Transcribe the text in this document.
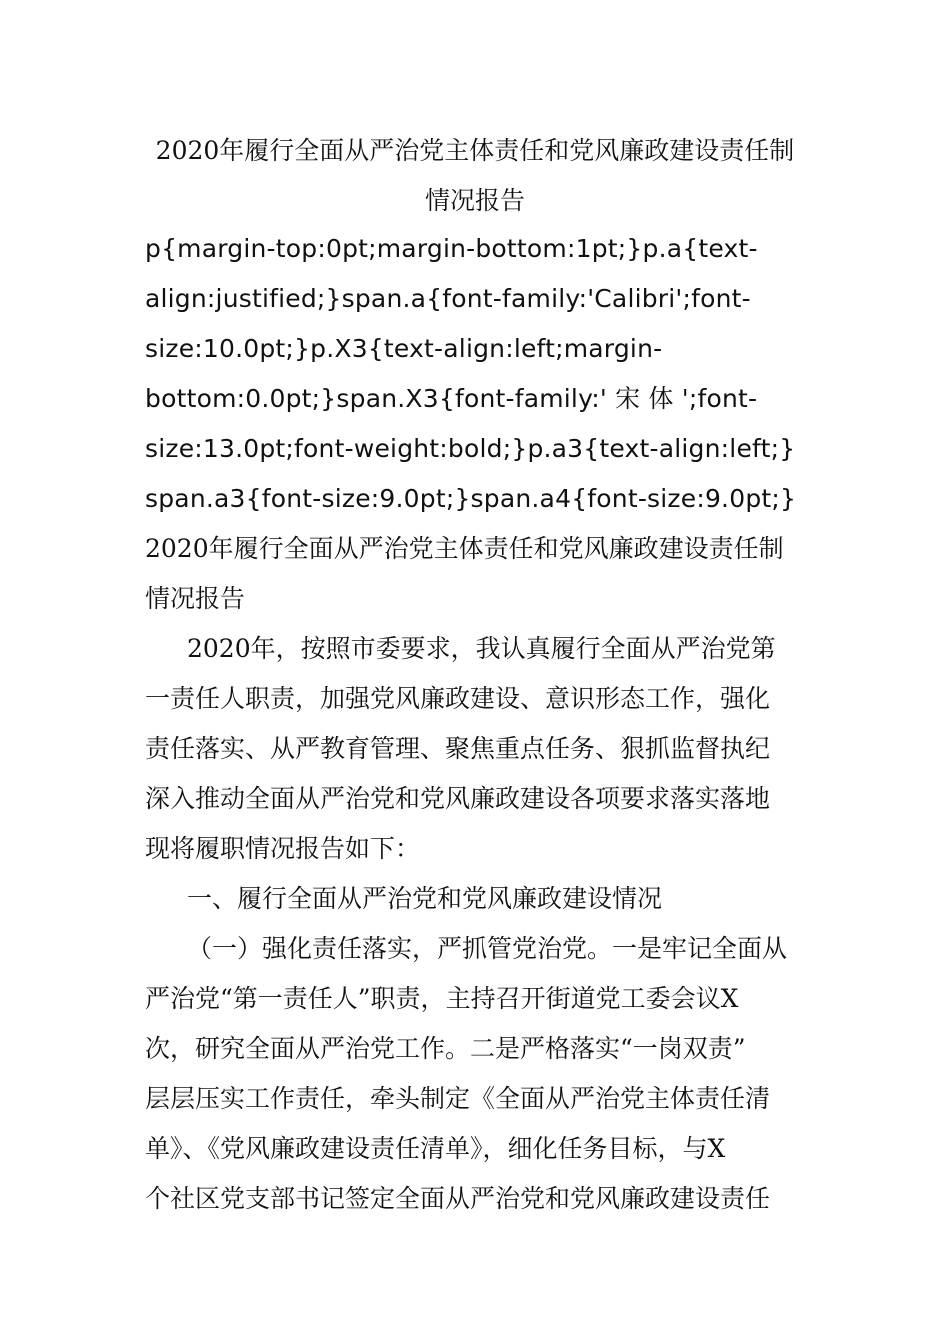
2020年履行全面从严治党主体责任和党风廉政建设责任制
情况报告
p{margin-top:0pt;margin-bottom:1pt;}p.a{text-
align:justified;}span.a{font-family:'Calibri';font-
size:10.0pt;}p.X3{text-align:left;margin-
bottom:0.0pt;}span.X3{font-family:' 宋 体 ';font-
size:13.0pt;font-weight:bold;}p.a3{text-align:left;}
span.a3{font-size:9.0pt;}span.a4{font-size:9.0pt;}
2020年履行全面从严治党主体责任和党风廉政建设责任制
情况报告
2020年，按照市委要求，我认真履行全面从严治党第
一责任人职责，加强党风廉政建设、意识形态工作，强化
责任落实、从严教育管理、聚焦重点任务、狠抓监督执纪
深入推动全面从严治党和党风廉政建设各项要求落实落地
现将履职情况报告如下：
一、履行全面从严治党和党风廉政建设情况
（一）强化责任落实，严抓管党治党。一是牢记全面从
严治党“第一责任人”职责，主持召开街道党工委会议X
次，研究全面从严治党工作。二是严格落实“一岗双责”
层层压实工作责任，牵头制定《全面从严治党主体责任清
单》、《党风廉政建设责任清单》，细化任务目标，与X
个社区党支部书记签定全面从严治党和党风廉政建设责任
